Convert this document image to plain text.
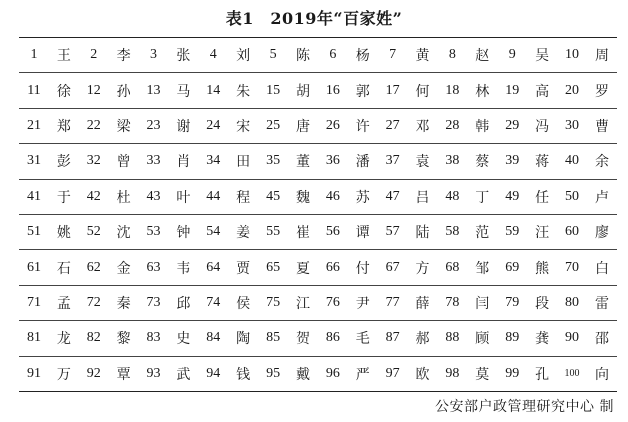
表1　2019年“百家姓”
1	王	2	李	3	张	4	刘	5	陈	6	杨	7	黄	8	赵	9	吴	10	周
11	徐	12	孙	13	马	14	朱	15	胡	16	郭	17	何	18	林	19	高	20	罗
21	郑	22	梁	23	谢	24	宋	25	唐	26	许	27	邓	28	韩	29	冯	30	曹
31	彭	32	曾	33	肖	34	田	35	董	36	潘	37	袁	38	蔡	39	蒋	40	余
41	于	42	杜	43	叶	44	程	45	魏	46	苏	47	吕	48	丁	49	任	50	卢
51	姚	52	沈	53	钟	54	姜	55	崔	56	谭	57	陆	58	范	59	汪	60	廖
61	石	62	金	63	韦	64	贾	65	夏	66	付	67	方	68	邹	69	熊	70	白
71	孟	72	秦	73	邱	74	侯	75	江	76	尹	77	薛	78	闫	79	段	80	雷
81	龙	82	黎	83	史	84	陶	85	贺	86	毛	87	郝	88	顾	89	龚	90	邵
91	万	92	覃	93	武	94	钱	95	戴	96	严	97	欧	98	莫	99	孔	100	向
公安部户政管理研究中心 制
